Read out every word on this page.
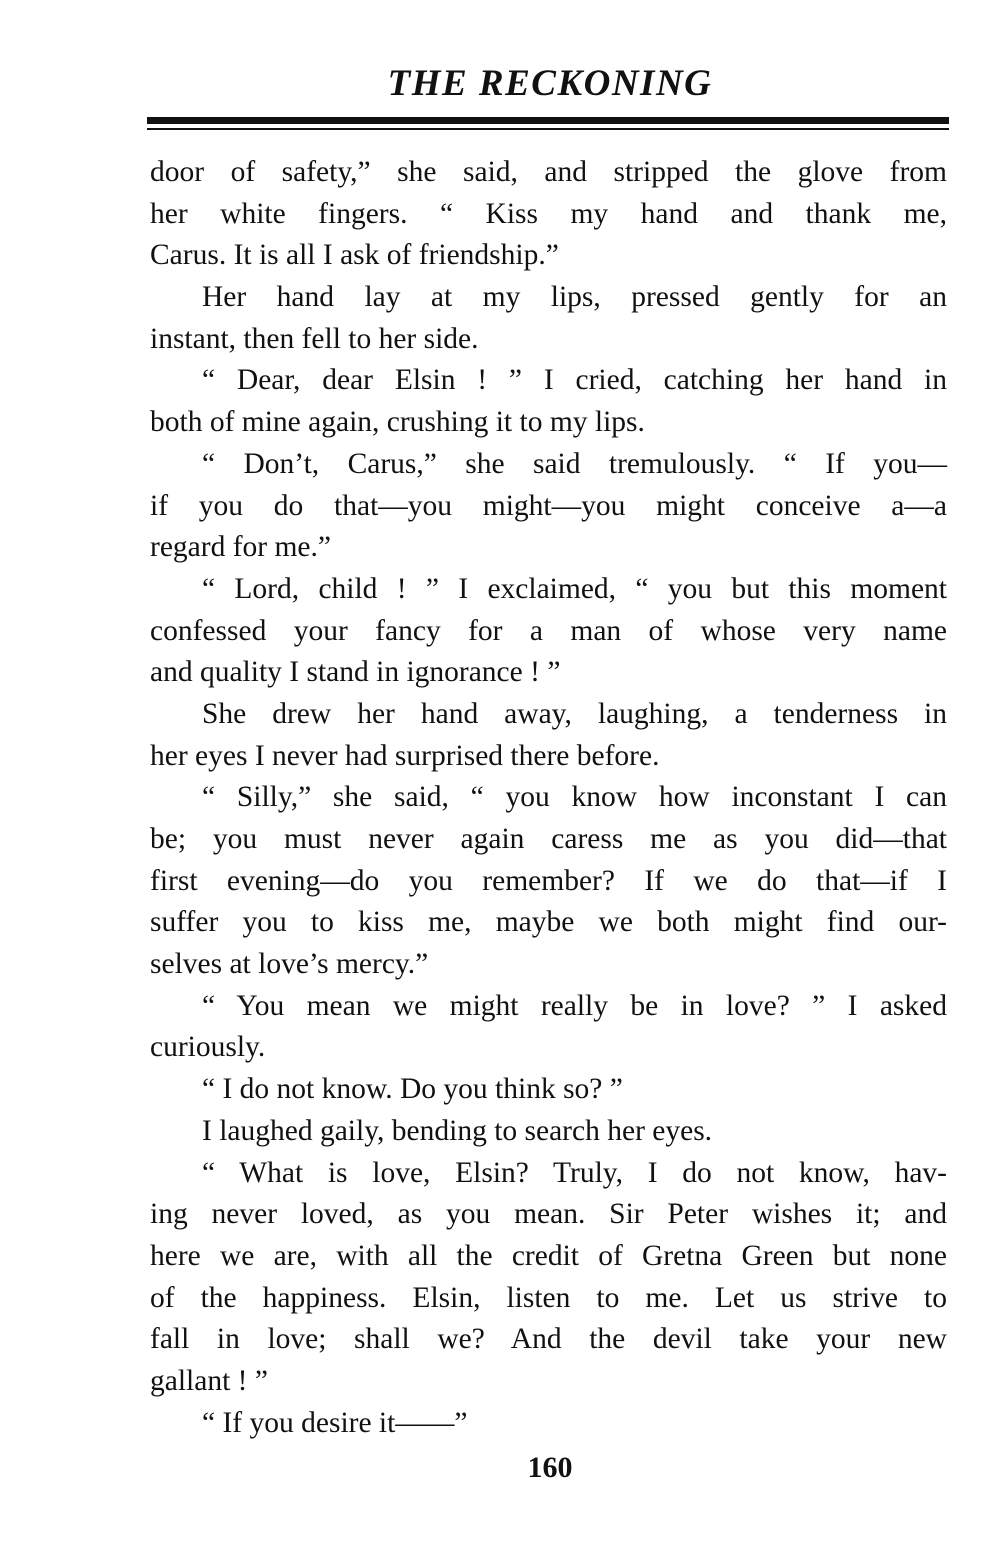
THE RECKONING
door of safety,” she said, and stripped the glove from
her white fingers. “ Kiss my hand and thank me,
Carus. It is all I ask of friendship.”
Her hand lay at my lips, pressed gently for an
instant, then fell to her side.
“ Dear, dear Elsin ! ” I cried, catching her hand in
both of mine again, crushing it to my lips.
“ Don’t, Carus,” she said tremulously. “ If you—
if you do that—you might—you might conceive a—a
regard for me.”
“ Lord, child ! ” I exclaimed, “ you but this moment
confessed your fancy for a man of whose very name
and quality I stand in ignorance ! ”
She drew her hand away, laughing, a tenderness in
her eyes I never had surprised there before.
“ Silly,” she said, “ you know how inconstant I can
be; you must never again caress me as you did—that
first evening—do you remember? If we do that—if I
suffer you to kiss me, maybe we both might find our-
selves at love’s mercy.”
“ You mean we might really be in love? ” I asked
curiously.
“ I do not know. Do you think so? ”
I laughed gaily, bending to search her eyes.
“ What is love, Elsin? Truly, I do not know, hav-
ing never loved, as you mean. Sir Peter wishes it; and
here we are, with all the credit of Gretna Green but none
of the happiness. Elsin, listen to me. Let us strive to
fall in love; shall we? And the devil take your new
gallant ! ”
“ If you desire it——”
160
